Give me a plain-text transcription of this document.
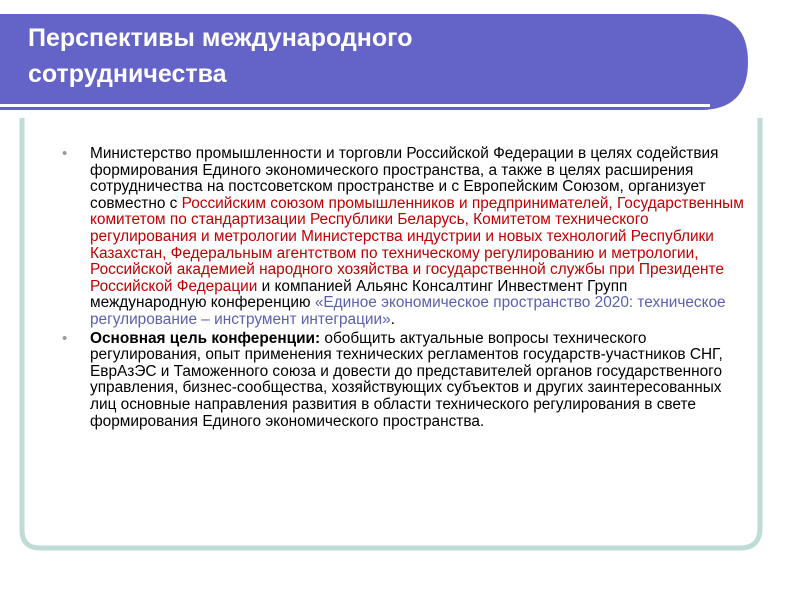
Перспективы международного сотрудничества
• Министерство промышленности и торговли Российской Федерации в целях содействия формирования Единого экономического пространства, а также в целях расширения сотрудничества на постсоветском пространстве и с Европейским Союзом, организует совместно с Российским союзом промышленников и предпринимателей, Государственным комитетом по стандартизации Республики Беларусь, Комитетом технического регулирования и метрологии Министерства индустрии и новых технологий Республики Казахстан, Федеральным агентством по техническому регулированию и метрологии, Российской академией народного хозяйства и государственной службы при Президенте Российской Федерации и компанией Альянс Консалтинг Инвестмент Групп международную конференцию «Единое экономическое пространство 2020: техническое регулирование – инструмент интеграции».
• Основная цель конференции: обобщить актуальные вопросы технического регулирования, опыт применения технических регламентов государств-участников СНГ, ЕврАзЭС и Таможенного союза и довести до представителей органов государственного управления, бизнес-сообщества, хозяйствующих субъектов и других заинтересованных лиц основные направления развития в области технического регулирования в свете формирования Единого экономического пространства.
